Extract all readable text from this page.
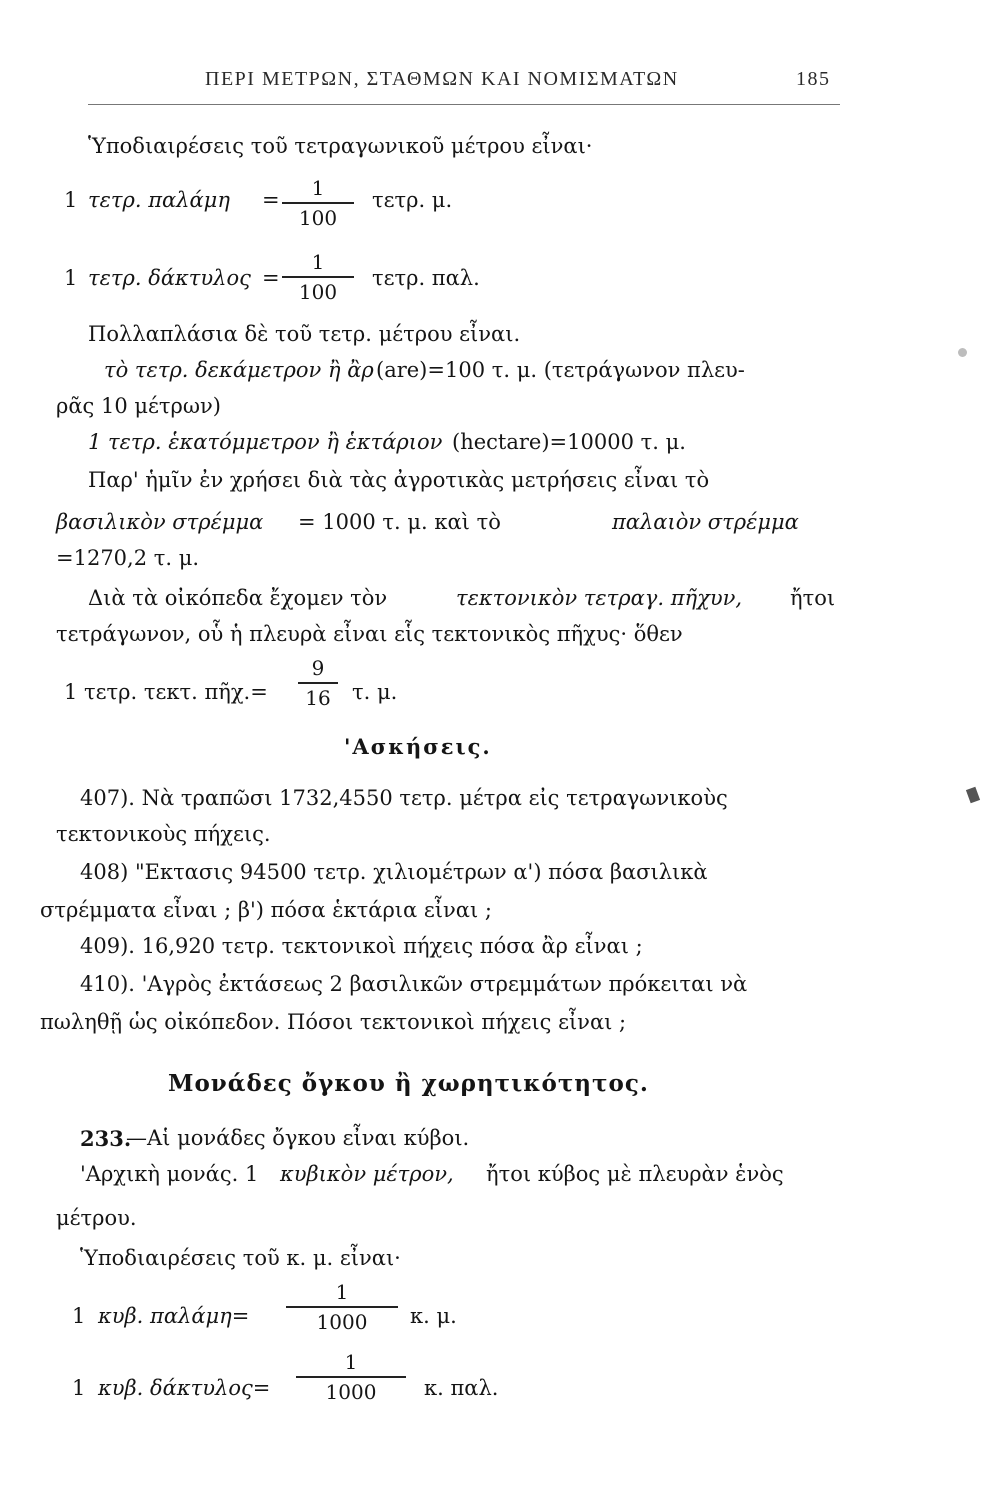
ΠΕΡΙ ΜΕΤΡΩΝ, ΣΤΑΘΜΩΝ ΚΑΙ ΝΟΜΙΣΜΑΤΩΝ	185
Ὑποδιαιρέσεις τοῦ τετραγωνικοῦ μέτρου εἶναι·
1 τετρ. παλάμη =	1
100
τετρ. μ.
1 τετρ. δάκτυλος =
1
100
τετρ. παλ.
Πολλαπλάσια δὲ τοῦ τετρ. μέτρου εἶναι.
τὸ τετρ. δεκάμετρον ἢ ἂρ (are)=100 τ. μ. (τετράγωνον πλευ-
ρᾶς 10 μέτρων)
1 τετρ. ἑκατόμμετρον ἢ ἑκτάριον (hectare)=10000 τ. μ.
Παρ' ἡμῖν ἐν χρήσει διὰ τὰς ἀγροτικὰς μετρήσεις εἶναι τὸ
βασιλικὸν στρέμμα = 1000 τ. μ. καὶ τὸ	παλαιὸν στρέμμα
=1270,2 τ. μ.
Διὰ τὰ οἰκόπεδα ἔχομεν τὸν	τεκτονικὸν τετραγ. πῆχυν, ἤτοι
τετράγωνον, οὗ ἡ πλευρὰ εἶναι εἷς τεκτονικὸς πῆχυς· ὅθεν
1 τετρ. τεκτ. πῆχ.=
9
16	τ. μ.
'Ασκήσεις.
407). Νὰ τραπῶσι 1732,4550 τετρ. μέτρα εἰς τετραγωνικοὺς
τεκτονικοὺς πήχεις.
408) "Εκτασις 94500 τετρ. χιλιομέτρων α') πόσα βασιλικὰ
στρέμματα εἶναι ; β') πόσα ἑκτάρια εἶναι ;
409). 16,920 τετρ. τεκτονικοὶ πήχεις πόσα ἂρ εἶναι ;
410). 'Αγρὸς ἐκτάσεως 2 βασιλικῶν στρεμμάτων πρόκειται νὰ
πωληθῇ ὡς οἰκόπεδον. Πόσοι τεκτονικοὶ πήχεις εἶναι ;
Μονάδες ὄγκου ἢ χωρητικότητος.
233.
—Αἱ μονάδες ὄγκου εἶναι κύβοι.
'Αρχικὴ μονάς. 1 κυβικὸν μέτρον, ἤτοι κύβος μὲ πλευρὰν ἑνὸς
μέτρου.
Ὑποδιαιρέσεις τοῦ κ. μ. εἶναι·
1 κυβ. παλάμη=
1
1000	κ. μ.
1 κυβ. δάκτυλος=
1
1000	κ. παλ.
